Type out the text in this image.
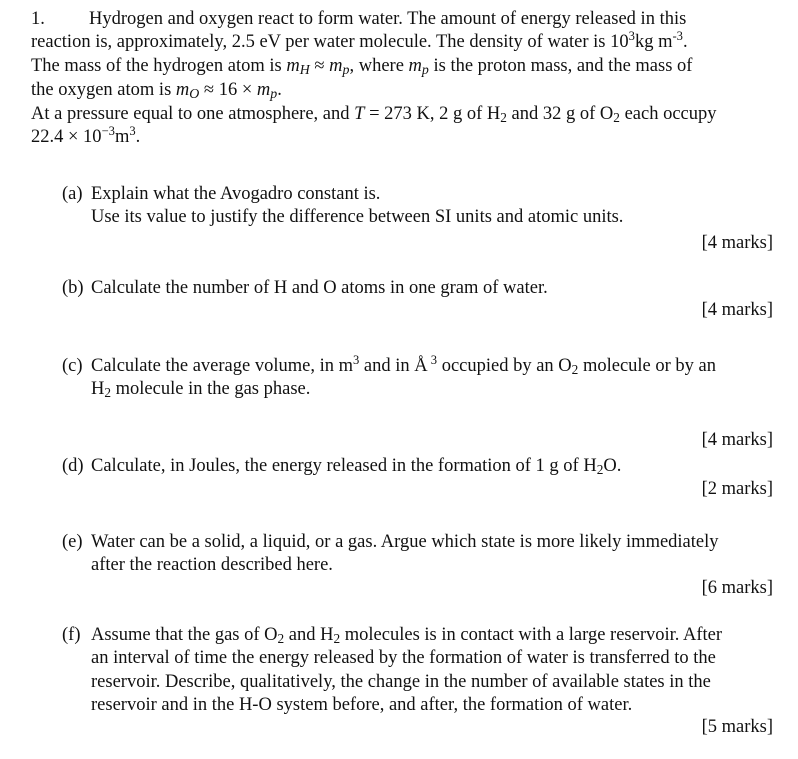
1. Hydrogen and oxygen react to form water. The amount of energy released in this

reaction is, approximately, 2.5 eV per water molecule. The density of water is $10^3kg$ $m^{-3}$.

The mass of the hydrogen atom is mH ≈ mp, where mp is the proton mass, and the mass of

the oxygen atom is mO ≈ 16 × mp.

At a pressure equal to one atmosphere, and T = 273 K, 2 g of H2 and 32 g of O2 each occupy

$22.4 \times 10^{-3}m^3$.

(a) Explain what the Avogadro constant is.
Use its value to justify the difference between SI units and atomic units.
[4 marks]
(b) Calculate the number of H and O atoms in one gram of water.
[4 marks]
(c) Calculate the average volume, in $m^3$ and in Å $^3$ occupied by an O2 molecule or by an
H2 molecule in the gas phase.
[4 marks]
(d) Calculate, in Joules, the energy released in the formation of 1 g of H2O.
[2 marks]
(e) Water can be a solid, a liquid, or a gas. Argue which state is more likely immediately
after the reaction described here.
[6 marks]
(f) Assume that the gas of O2 and H2 molecules is in contact with a large reservoir. After
an interval of time the energy released by the formation of water is transferred to the
reservoir. Describe, qualitatively, the change in the number of available states in the
reservoir and in the H-O system before, and after, the formation of water.
[5 marks]
